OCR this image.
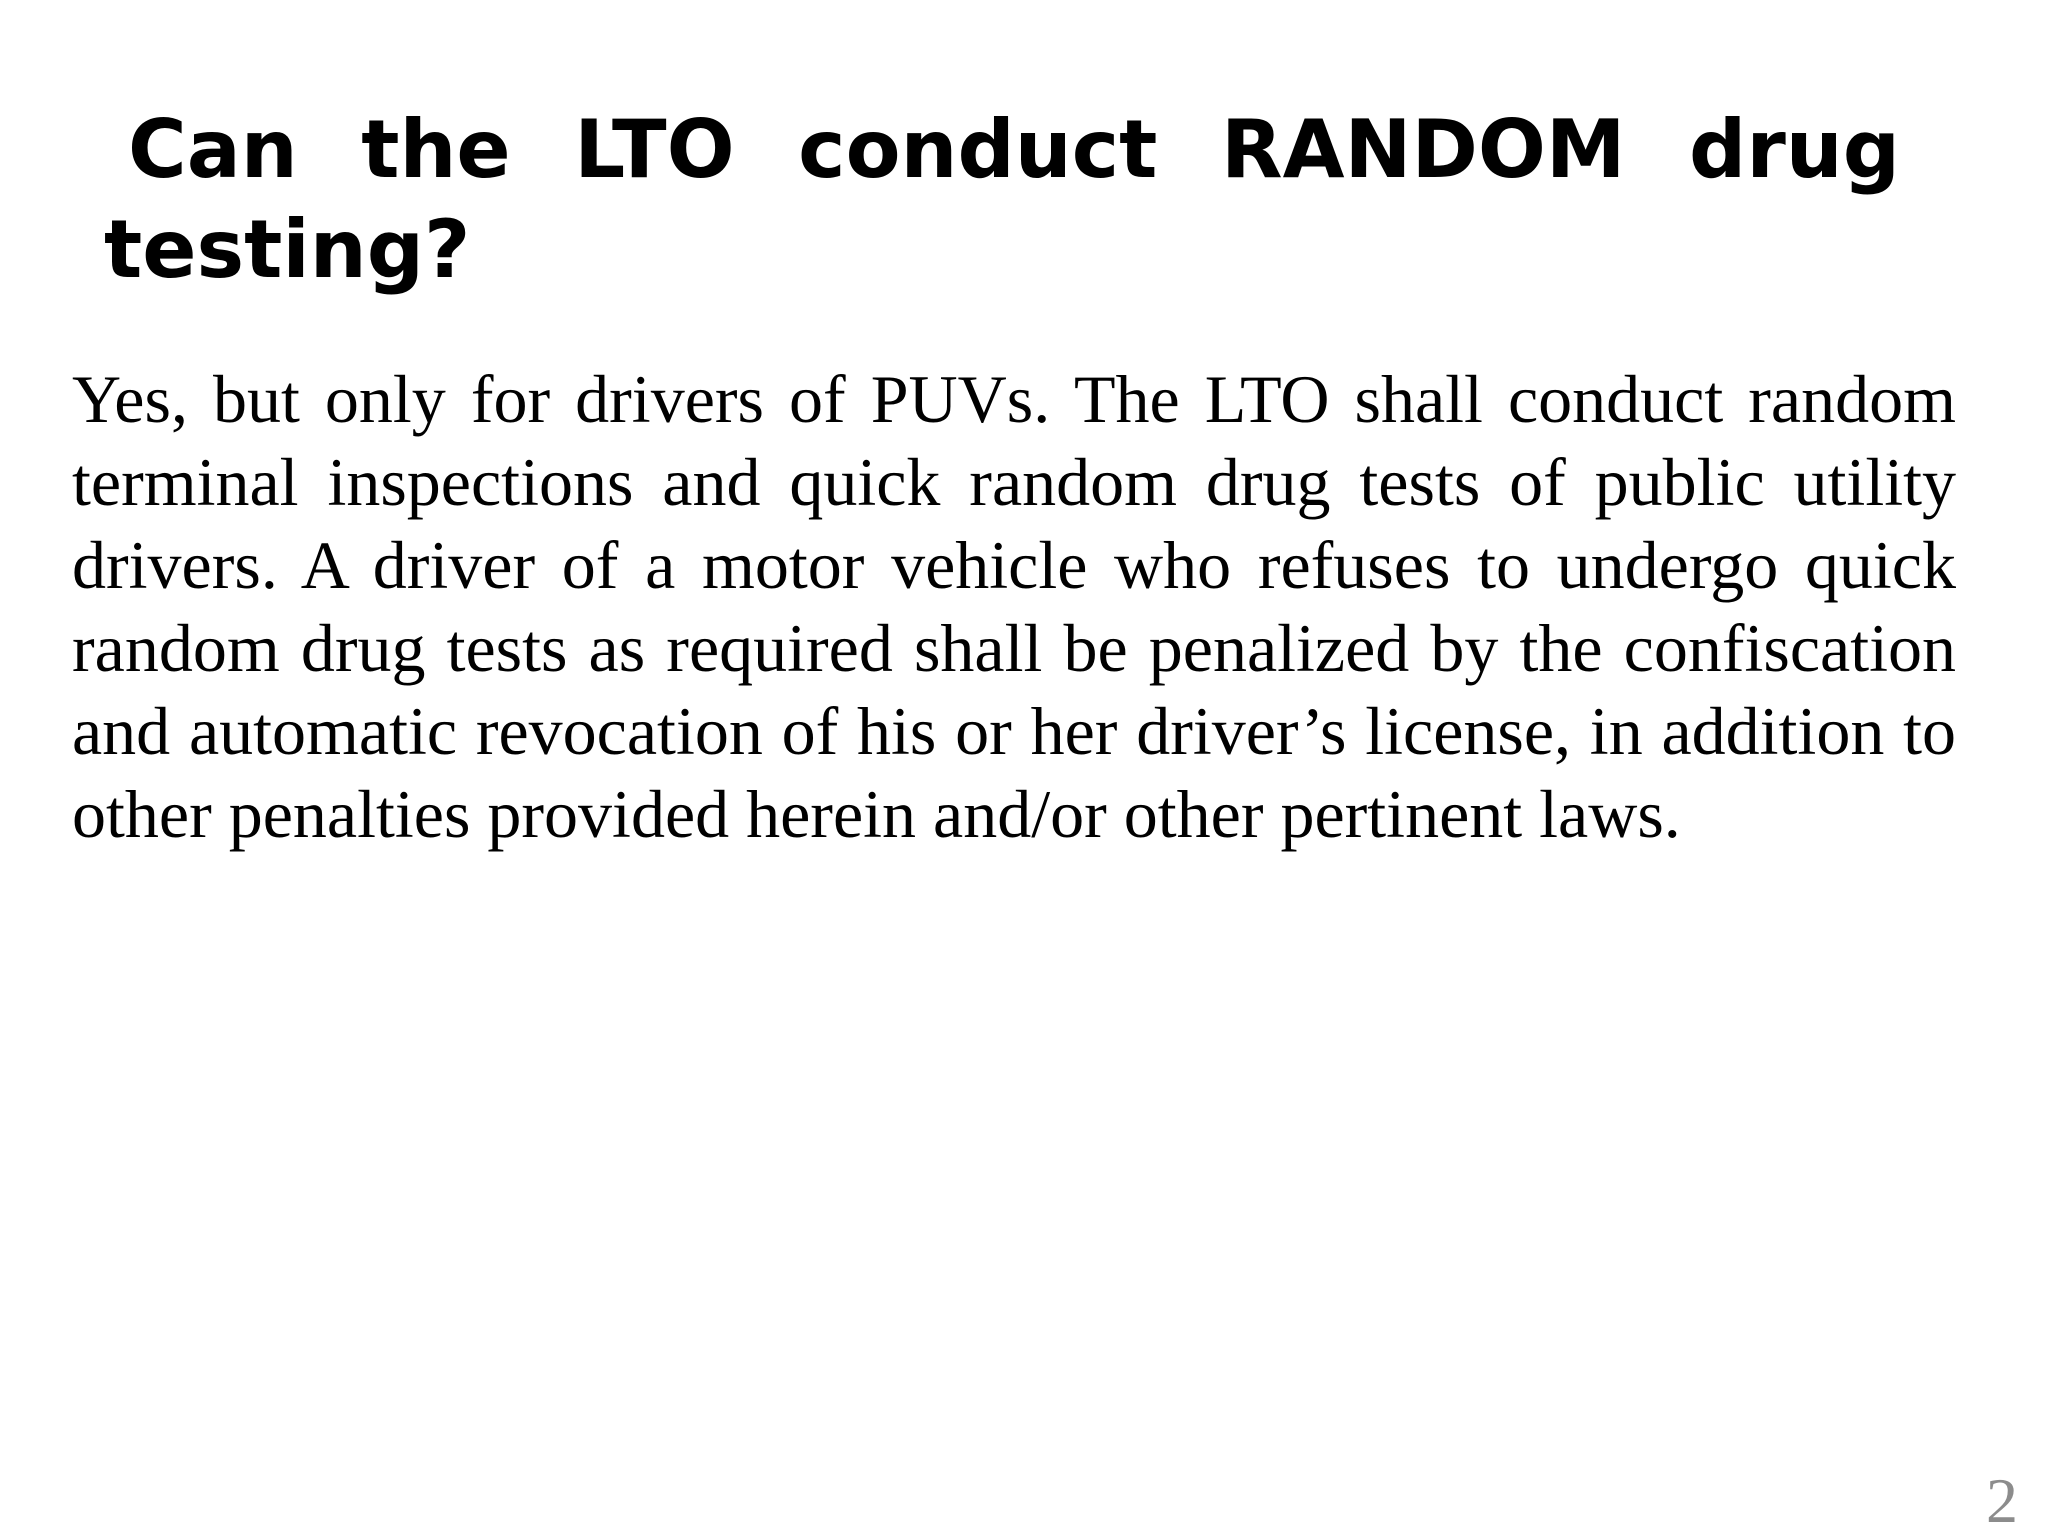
Can the LTO conduct RANDOM drug testing?

Yes, but only for drivers of PUVs. The LTO shall conduct random terminal inspections and quick random drug tests of public utility drivers. A driver of a motor vehicle who refuses to undergo quick random drug tests as required shall be penalized by the confiscation and automatic revocation of his or her driver’s license, in addition to other penalties provided herein and/or other pertinent laws.

2
